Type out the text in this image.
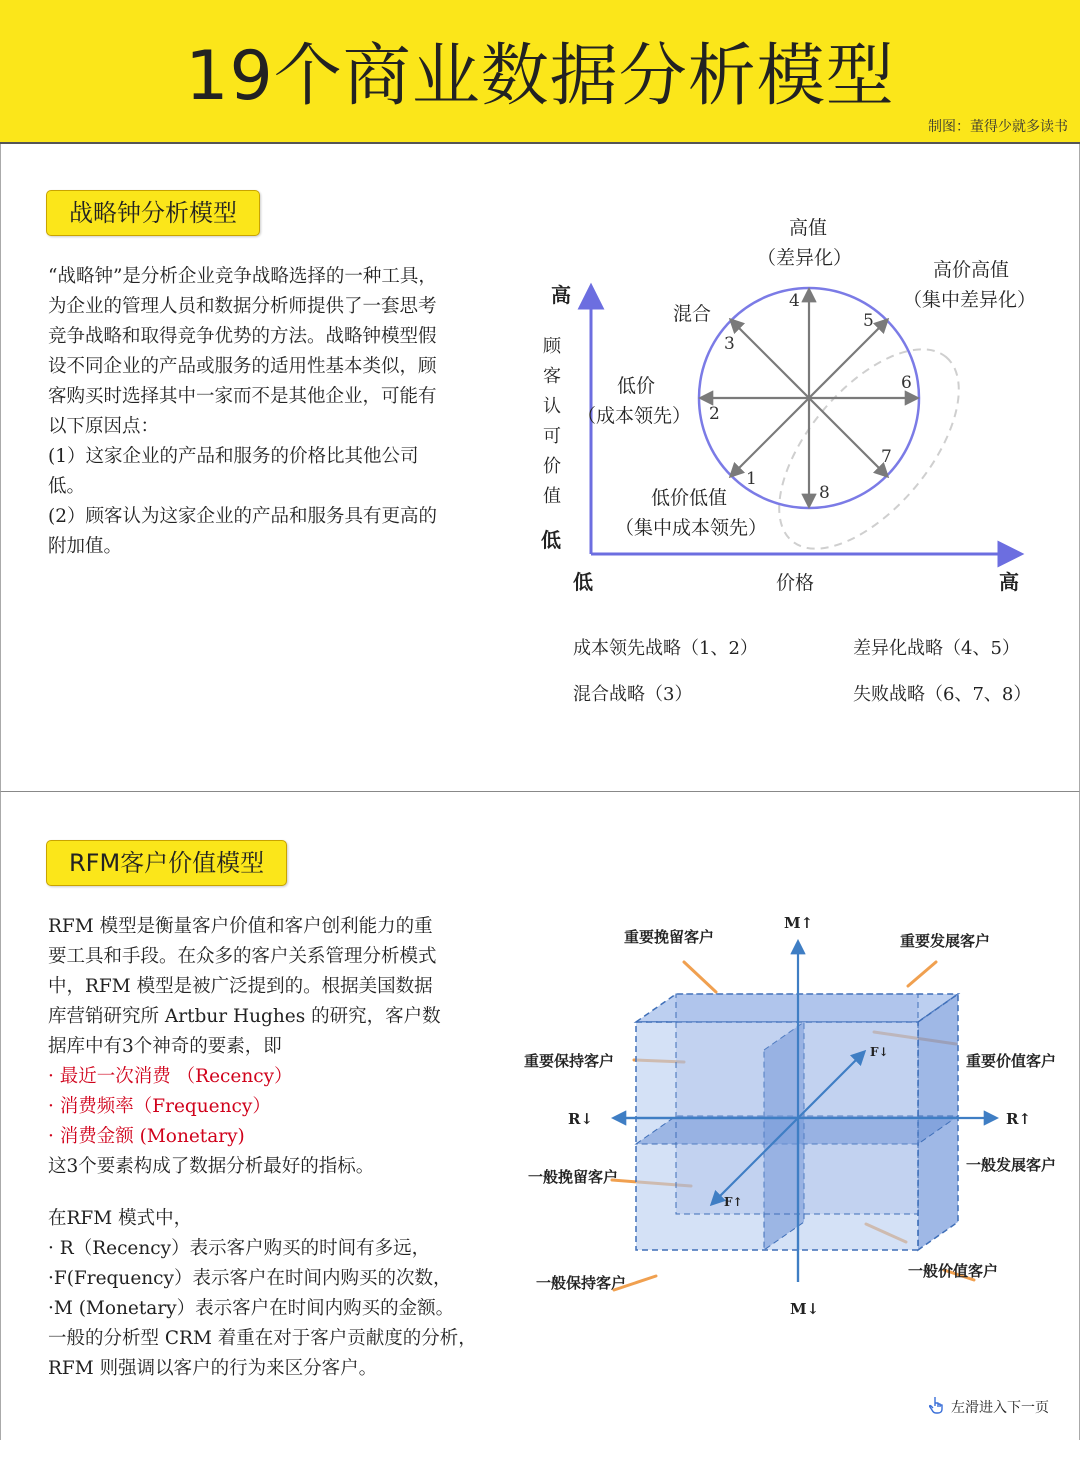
19个商业数据分析模型
制图：董得少就多读书
战略钟分析模型

“战略钟”是分析企业竞争战略选择的一种工具，

为企业的管理人员和数据分析师提供了一套思考

竞争战略和取得竞争优势的方法。战略钟模型假

设不同企业的产品或服务的适用性基本类似，顾

客购买时选择其中一家而不是其他企业，可能有

以下原因点：

(1）这家企业的产品和服务的价格比其他公司

低。

(2）顾客认为这家企业的产品和服务具有更高的

附加值。

高
低
顾
客
认
可
价
值
低	价格	高
1
2
3
4
5
6
7
8
高值
（差异化）
混合
高价高值
（集中差异化）
低价
（成本领先）
低价低值
（集中成本领先）
成本领先战略（1、2）	差异化战略（4、5）
混合战略（3）	失败战略（6、7、8）
RFM客户价值模型

RFM 模型是衡量客户价值和客户创利能力的重

要工具和手段。在众多的客户关系管理分析模式

中，RFM 模型是被广泛提到的。根据美国数据

库营销研究所 Artbur Hughes 的研究，客户数

据库中有3个神奇的要素，即

· 最近一次消费 （Recency）

· 消费频率（Frequency）

· 消费金额 (Monetary)

这3个要素构成了数据分析最好的指标。

在RFM 模式中，

· R（Recency）表示客户购买的时间有多远，

·F(Frequency）表示客户在时间内购买的次数，

·M (Monetary）表示客户在时间内购买的金额。

一般的分析型 CRM 着重在对于客户贡献度的分析，

RFM 则强调以客户的行为来区分客户。

M↑
M↓
R↓	R↑
F↓
F↑
重要挽留客户	重要发展客户
重要保持客户	重要价值客户
一般挽留客户
一般发展客户
一般保持客户
一般价值客户
左滑进入下一页
